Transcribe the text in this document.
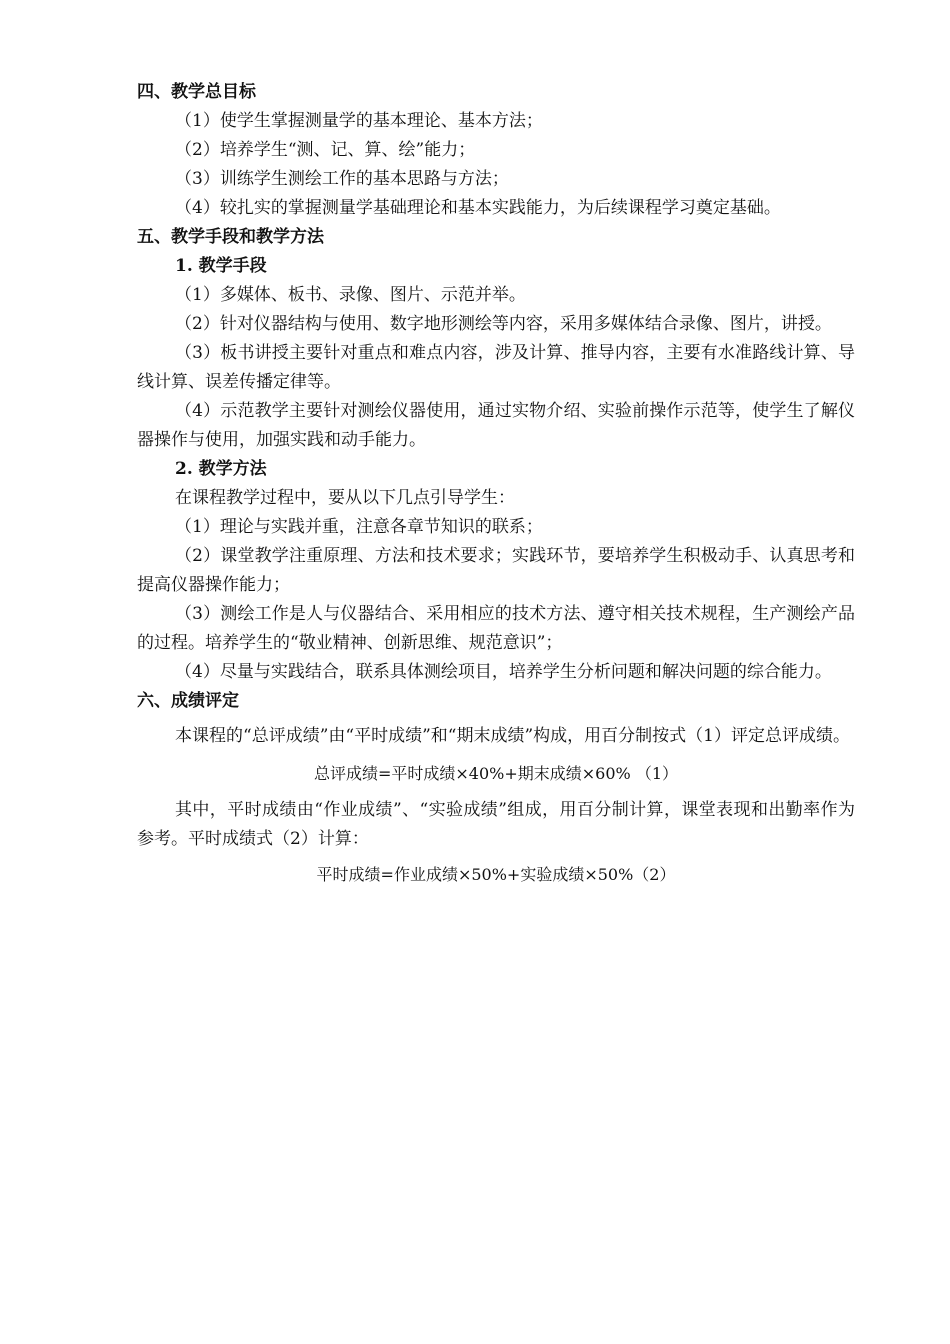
四、教学总目标
（1）使学生掌握测量学的基本理论、基本方法；
（2）培养学生“测、记、算、绘”能力；
（3）训练学生测绘工作的基本思路与方法；
（4）较扎实的掌握测量学基础理论和基本实践能力，为后续课程学习奠定基础。
五、教学手段和教学方法
1. 教学手段

（1）多媒体、板书、录像、图片、示范并举。

（2）针对仪器结构与使用、数字地形测绘等内容，采用多媒体结合录像、图片，讲授。

（3）板书讲授主要针对重点和难点内容，涉及计算、推导内容，主要有水准路线计算、导线计算、误差传播定律等。

（4）示范教学主要针对测绘仪器使用，通过实物介绍、实验前操作示范等，使学生了解仪器操作与使用，加强实践和动手能力。

2. 教学方法

在课程教学过程中，要从以下几点引导学生：

（1）理论与实践并重，注意各章节知识的联系；

（2）课堂教学注重原理、方法和技术要求；实践环节，要培养学生积极动手、认真思考和提高仪器操作能力；

（3）测绘工作是人与仪器结合、采用相应的技术方法、遵守相关技术规程，生产测绘产品的过程。培养学生的“敬业精神、创新思维、规范意识”；

（4）尽量与实践结合，联系具体测绘项目，培养学生分析问题和解决问题的综合能力。

六、成绩评定

本课程的“总评成绩”由“平时成绩”和“期末成绩”构成，用百分制按式（1）评定总评成绩。

总评成绩=平时成绩×40%+期末成绩×60% （1）

其中，平时成绩由“作业成绩”、“实验成绩”组成，用百分制计算，课堂表现和出勤率作为参考。平时成绩式（2）计算：

平时成绩=作业成绩×50%+实验成绩×50%（2）
